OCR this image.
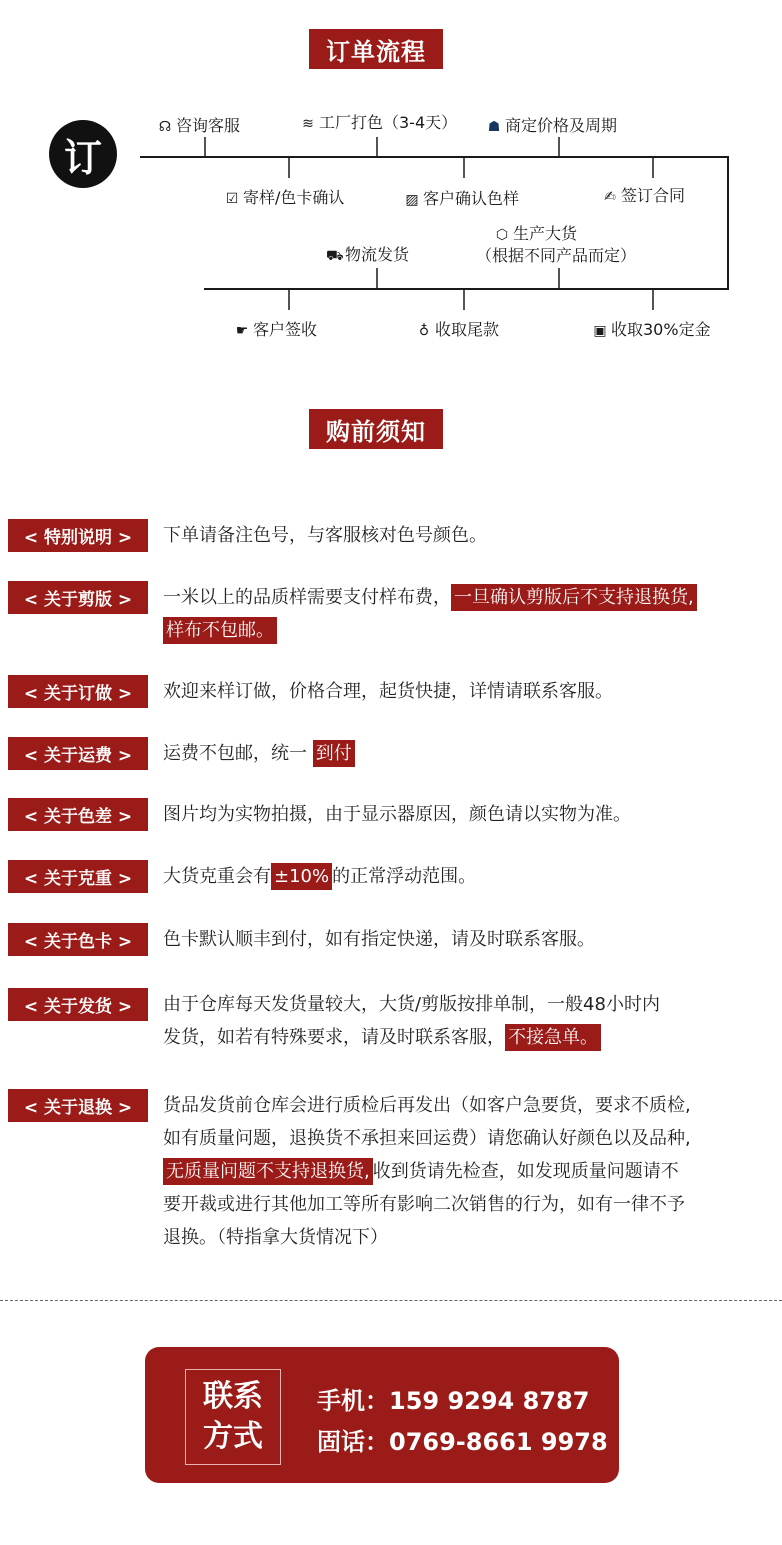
订单流程
订
☊ 咨询客服	≋ 工厂打色（3-4天） ☗ 商定价格及周期
☑ 寄样/色卡确认	▨ 客户确认色样	✍ 签订合同
⛟物流发货
⬡ 生产大货
（根据不同产品而定）
☛ 客户签收	♁ 收取尾款	▣ 收取30%定金
购前须知
< 特别说明 >	下单请备注色号，与客服核对色号颜色。
< 关于剪版 >	一米以上的品质样需要支付样布费， 一旦确认剪版后不支持退换货,
样布不包邮。
< 关于订做 >	欢迎来样订做，价格合理，起货快捷，详情请联系客服。
< 关于运费 >	运费不包邮，统一 到付
< 关于色差 >	图片均为实物拍摄，由于显示器原因，颜色请以实物为准。
< 关于克重 >	大货克重会有 ±10% 的正常浮动范围。
< 关于色卡 >	色卡默认顺丰到付，如有指定快递，请及时联系客服。
< 关于发货 >	由于仓库每天发货量较大，大货/剪版按排单制，一般48小时内
发货，如若有特殊要求，请及时联系客服， 不接急单。
< 关于退换 >	货品发货前仓库会进行质检后再发出（如客户急要货，要求不质检,
如有质量问题，退换货不承担来回运费）请您确认好颜色以及品种,
无质量问题不支持退换货, 收到货请先检查，如发现质量问题请不
要开裁或进行其他加工等所有影响二次销售的行为，如有一律不予
退换。（特指拿大货情况下）
联系
方式
手机：159 9294 8787
固话：0769-8661 9978
